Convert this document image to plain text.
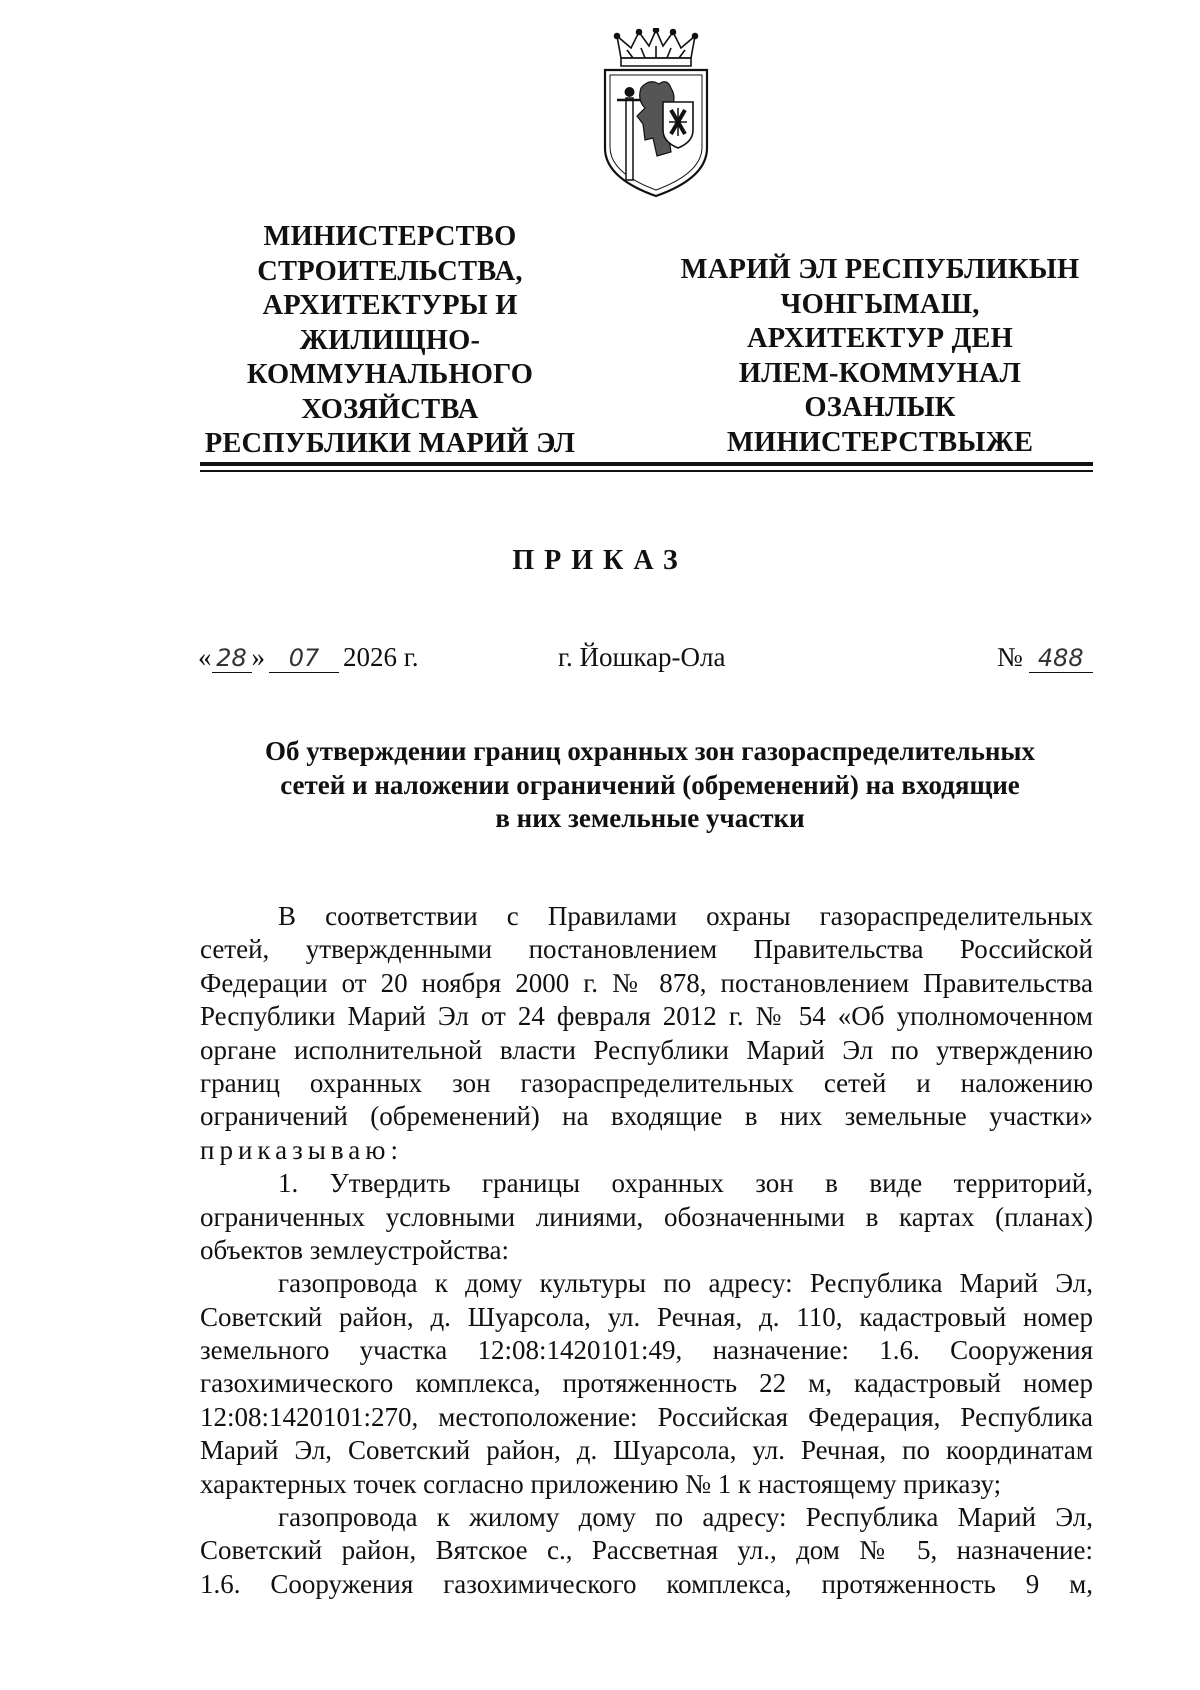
МИНИСТЕРСТВО
СТРОИТЕЛЬСТВА,
АРХИТЕКТУРЫ И
ЖИЛИЩНО-
КОММУНАЛЬНОГО
ХОЗЯЙСТВА
РЕСПУБЛИКИ МАРИЙ ЭЛ
МАРИЙ ЭЛ РЕСПУБЛИКЫН
ЧОНГЫМАШ,
АРХИТЕКТУР ДЕН
ИЛЕМ-КОММУНАЛ
ОЗАНЛЫК
МИНИСТЕРСТВЫЖЕ
ПРИКАЗ
« 28 » 07 2026 г.	г. Йошкар-Ола	№ 488
Об утверждении границ охранных зон газораспределительных
сетей и наложении ограничений (обременений) на входящие
в них земельные участки
В соответствии с Правилами охраны газораспределительных
сетей, утвержденными постановлением Правительства Российской
Федерации от 20 ноября 2000 г. № 878, постановлением Правительства
Республики Марий Эл от 24 февраля 2012 г. № 54 «Об уполномоченном
органе исполнительной власти Республики Марий Эл по утверждению
границ охранных зон газораспределительных сетей и наложению
ограничений (обременений) на входящие в них земельные участки»
приказываю:
1. Утвердить границы охранных зон в виде территорий,
ограниченных условными линиями, обозначенными в картах (планах)
объектов землеустройства:
газопровода к дому культуры по адресу: Республика Марий Эл,
Советский район, д. Шуарсола, ул. Речная, д. 110, кадастровый номер
земельного участка 12:08:1420101:49, назначение: 1.6. Сооружения
газохимического комплекса, протяженность 22 м, кадастровый номер
12:08:1420101:270, местоположение: Российская Федерация, Республика
Марий Эл, Советский район, д. Шуарсола, ул. Речная, по координатам
характерных точек согласно приложению № 1 к настоящему приказу;
газопровода к жилому дому по адресу: Республика Марий Эл,
Советский район, Вятское с., Рассветная ул., дом № 5, назначение:
1.6. Сооружения газохимического комплекса, протяженность 9 м,
